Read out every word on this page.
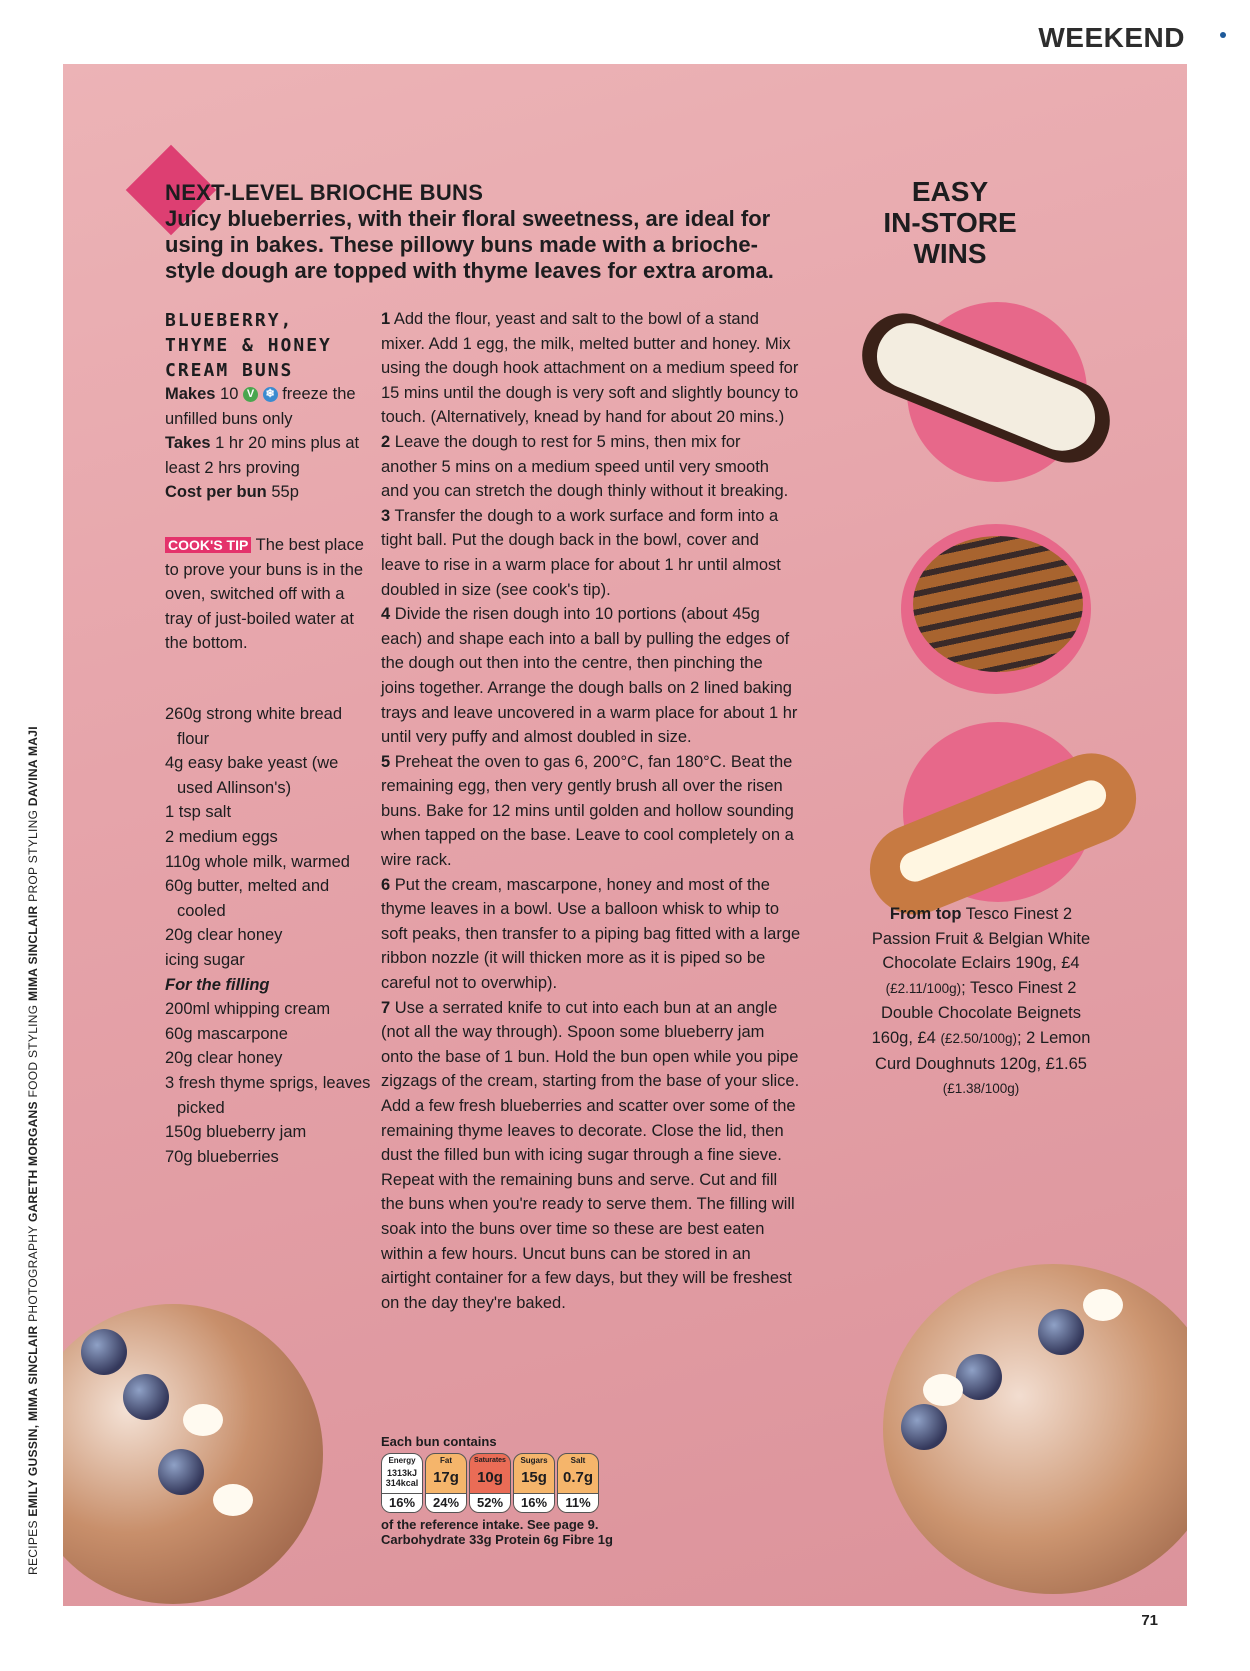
WEEKEND
RECIPES EMILY GUSSIN, MIMA SINCLAIR PHOTOGRAPHY GARETH MORGANS FOOD STYLING MIMA SINCLAIR PROP STYLING DAVINA MAJI
NEXT-LEVEL BRIOCHE BUNS
Juicy blueberries, with their floral sweetness, are ideal for using in bakes. These pillowy buns made with a brioche-style dough are topped with thyme leaves for extra aroma.
BLUEBERRY,
THYME & HONEY
CREAM BUNS
Makes 10 V ❄ freeze the unfilled buns only
Takes 1 hr 20 mins plus at least 2 hrs proving
Cost per bun 55p
COOK'S TIP The best place to prove your buns is in the oven, switched off with a tray of just-boiled water at the bottom.
260g strong white bread flour
4g easy bake yeast (we used Allinson's)
1 tsp salt
2 medium eggs
110g whole milk, warmed
60g butter, melted and cooled
20g clear honey
icing sugar
For the filling
200ml whipping cream
60g mascarpone
20g clear honey
3 fresh thyme sprigs, leaves picked
150g blueberry jam
70g blueberries
1 Add the flour, yeast and salt to the bowl of a stand mixer. Add 1 egg, the milk, melted butter and honey. Mix using the dough hook attachment on a medium speed for 15 mins until the dough is very soft and slightly bouncy to touch. (Alternatively, knead by hand for about 20 mins.)
2 Leave the dough to rest for 5 mins, then mix for another 5 mins on a medium speed until very smooth and you can stretch the dough thinly without it breaking.
3 Transfer the dough to a work surface and form into a tight ball. Put the dough back in the bowl, cover and leave to rise in a warm place for about 1 hr until almost doubled in size (see cook's tip).
4 Divide the risen dough into 10 portions (about 45g each) and shape each into a ball by pulling the edges of the dough out then into the centre, then pinching the joins together. Arrange the dough balls on 2 lined baking trays and leave uncovered in a warm place for about 1 hr until very puffy and almost doubled in size.
5 Preheat the oven to gas 6, 200°C, fan 180°C. Beat the remaining egg, then very gently brush all over the risen buns. Bake for 12 mins until golden and hollow sounding when tapped on the base. Leave to cool completely on a wire rack.
6 Put the cream, mascarpone, honey and most of the thyme leaves in a bowl. Use a balloon whisk to whip to soft peaks, then transfer to a piping bag fitted with a large ribbon nozzle (it will thicken more as it is piped so be careful not to overwhip).
7 Use a serrated knife to cut into each bun at an angle (not all the way through). Spoon some blueberry jam onto the base of 1 bun. Hold the bun open while you pipe zigzags of the cream, starting from the base of your slice. Add a few fresh blueberries and scatter over some of the remaining thyme leaves to decorate. Close the lid, then dust the filled bun with icing sugar through a fine sieve. Repeat with the remaining buns and serve. Cut and fill the buns when you're ready to serve them. The filling will soak into the buns over time so these are best eaten within a few hours. Uncut buns can be stored in an airtight container for a few days, but they will be freshest on the day they're baked.
Each bun contains
Energy
1313kJ 314kcal
16%
Fat
17g
24%
Saturates
10g
52%
Sugars
15g
16%
Salt
0.7g
11%
of the reference intake. See page 9.
Carbohydrate 33g Protein 6g Fibre 1g
EASY
IN-STORE
WINS
From top Tesco Finest 2 Passion Fruit & Belgian White Chocolate Eclairs 190g, £4 (£2.11/100g); Tesco Finest 2 Double Chocolate Beignets 160g, £4 (£2.50/100g); 2 Lemon Curd Doughnuts 120g, £1.65 (£1.38/100g)
71
